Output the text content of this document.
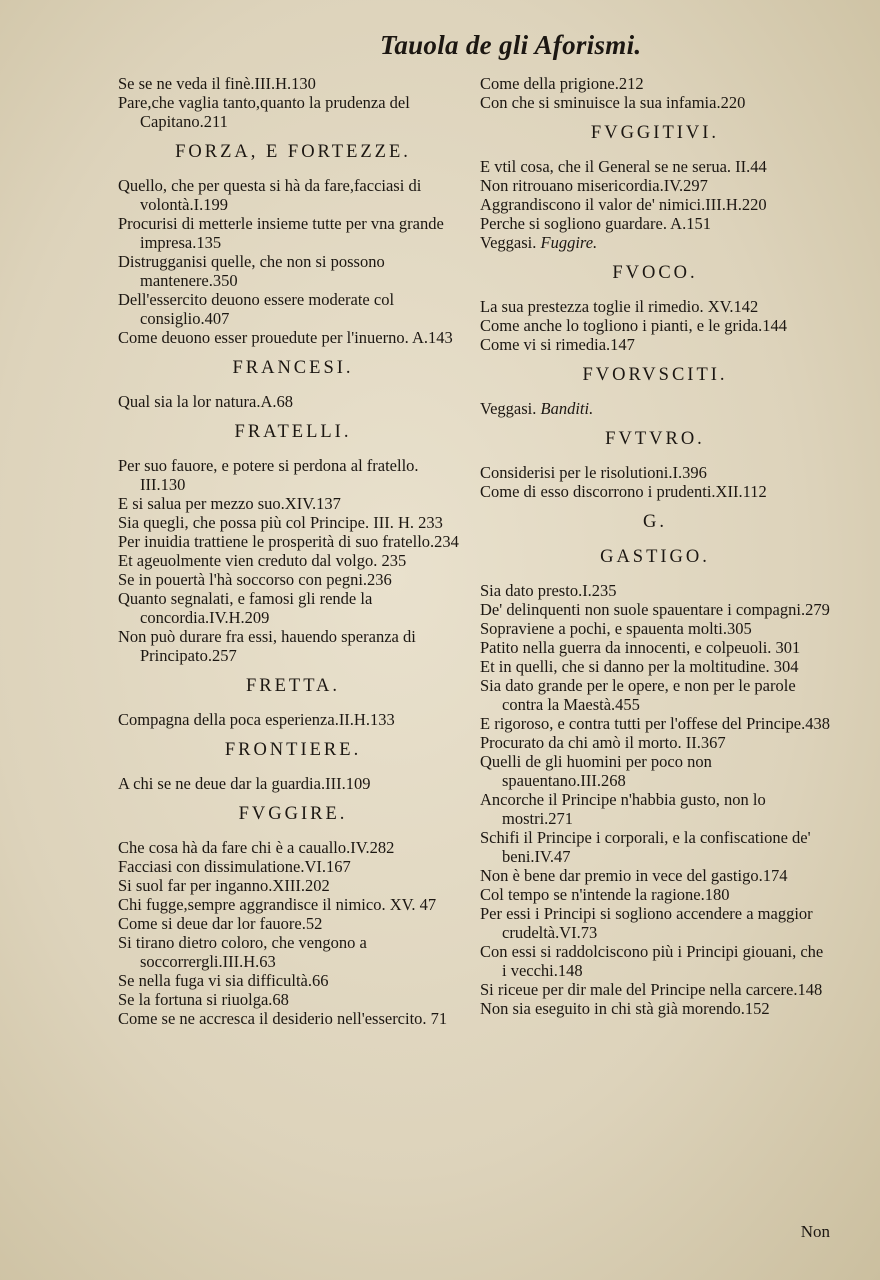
Tauola de gli Aforismi.
Se se ne veda il finè.III.H.130
Pare,che vaglia tanto,quanto la prudenza del Capitano.211
FORZA, E FORTEZZE.
Quello, che per questa si hà da fare,facciasi di volontà.I.199
Procurisi di metterle insieme tutte per vna grande impresa.135
Distrugganisi quelle, che non si possono mantenere.350
Dell'essercito deuono essere moderate col consiglio.407
Come deuono esser prouedute per l'inuerno. A.143
FRANCESI.
Qual sia la lor natura.A.68
FRATELLI.
Per suo fauore, e potere si perdona al fratello. III.130
E si salua per mezzo suo.XIV.137
Sia quegli, che possa più col Principe. III. H. 233
Per inuidia trattiene le prosperità di suo fratello.234
Et ageuolmente vien creduto dal volgo. 235
Se in pouertà l'hà soccorso con pegni.236
Quanto segnalati, e famosi gli rende la concordia.IV.H.209
Non può durare fra essi, hauendo speranza di Principato.257
FRETTA.
Compagna della poca esperienza.II.H.133
FRONTIERE.
A chi se ne deue dar la guardia.III.109
FVGGIRE.
Che cosa hà da fare chi è a cauallo.IV.282
Facciasi con dissimulatione.VI.167
Si suol far per inganno.XIII.202
Chi fugge,sempre aggrandisce il nimico. XV. 47
Come si deue dar lor fauore.52
Si tirano dietro coloro, che vengono a soccorrergli.III.H.63
Se nella fuga vi sia difficultà.66
Se la fortuna si riuolga.68
Come se ne accresca il desiderio nell'essercito. 71
Come della prigione.212
Con che si sminuisce la sua infamia.220
FVGGITIVI.
E vtil cosa, che il General se ne serua. II.44
Non ritrouano misericordia.IV.297
Aggrandiscono il valor de' nimici.III.H.220
Perche si sogliono guardare. A.151
Veggasi. Fuggire.
FVOCO.
La sua prestezza toglie il rimedio. XV.142
Come anche lo togliono i pianti, e le grida.144
Come vi si rimedia.147
FVORVSCITI.
Veggasi. Banditi.
FVTVRO.
Considerisi per le risolutioni.I.396
Come di esso discorrono i prudenti.XII.112
G.
GASTIGO.
Sia dato presto.I.235
De' delinquenti non suole spauentare i compagni.279
Sopraviene a pochi, e spauenta molti.305
Patito nella guerra da innocenti, e colpeuoli. 301
Et in quelli, che si danno per la moltitudine. 304
Sia dato grande per le opere, e non per le parole contra la Maestà.455
E rigoroso, e contra tutti per l'offese del Principe.438
Procurato da chi amò il morto. II.367
Quelli de gli huomini per poco non spauentano.III.268
Ancorche il Principe n'habbia gusto, non lo mostri.271
Schifi il Principe i corporali, e la confiscatione de' beni.IV.47
Non è bene dar premio in vece del gastigo.174
Col tempo se n'intende la ragione.180
Per essi i Principi si sogliono accendere a maggior crudeltà.VI.73
Con essi si raddolciscono più i Principi giouani, che i vecchi.148
Si riceue per dir male del Principe nella carcere.148
Non sia eseguito in chi stà già morendo.152
Non
